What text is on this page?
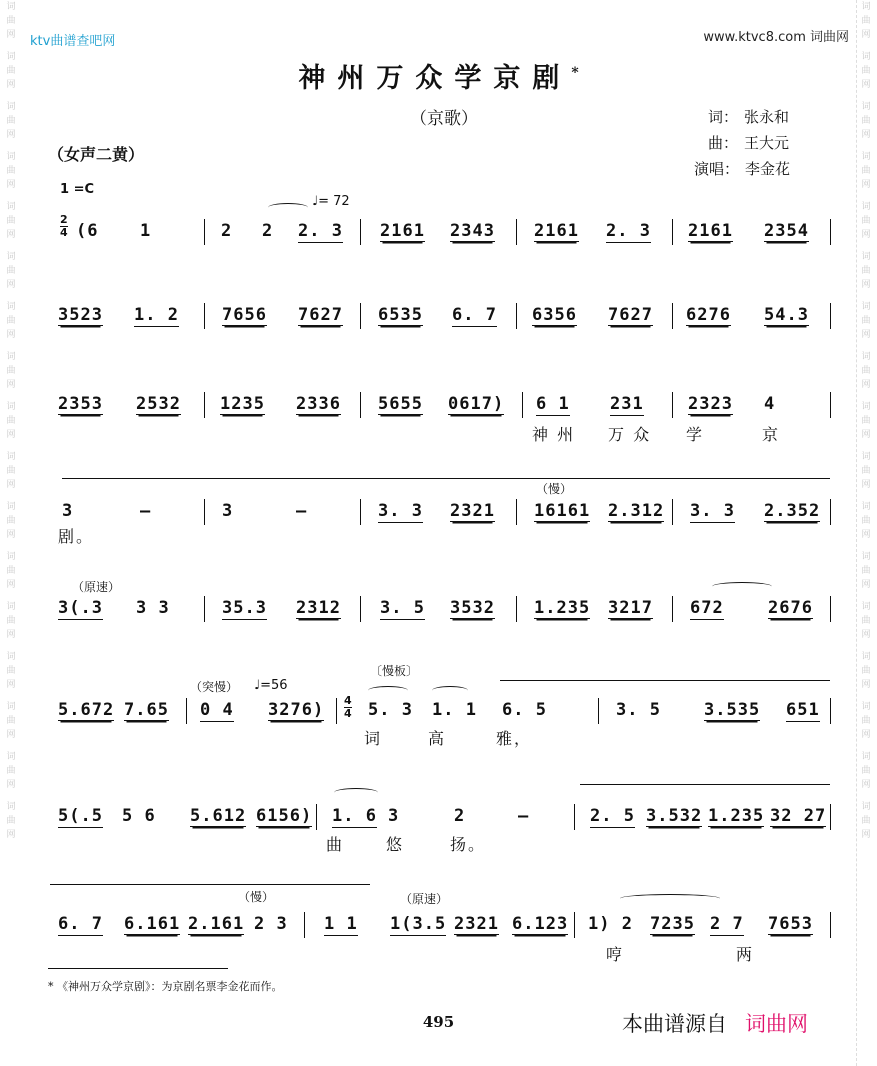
词
曲
网
词
曲
网
词
曲
网
词
曲
网
词
曲
网
词
曲
网
词
曲
网
词
曲
网
词
曲
网
词
曲
网
词
曲
网
词
曲
网
词
曲
网
词
曲
网
词
曲
网
词
曲
网
词
曲
网
词
曲
网
词
曲
网
词
曲
网
词
曲
网
词
曲
网
词
曲
网
词
曲
网
词
曲
网
词
曲
网
词
曲
网
词
曲
网
词
曲
网
词
曲
网
词
曲
网
词
曲
网
词
曲
网
词
曲
网
ktv曲谱查吧网	www.ktvc8.com 词曲网
神州万众学京剧*
（京歌）
（女声二黄）
词： 张永和
曲： 王大元
演唱： 李金花
1 =C
♩= 72
2
4 (6 1	2 2 2. 3 2161 2343 2161 2. 3 2161 2354
3523 1. 2	7656 7627 6535 6. 7 6356 7627 6276 54.3
2353 2532 1235 2336 5655 0617) 6 1 231	2323 4
神 州 万 众 学	京
（慢）
3	–	3	–	3. 3 2321 16161 2.312 3. 3 2.352
剧。
（原速）
3(.3 3 3	35.3 2312 3. 5 3532 1.235 3217 672	2676
〔慢板〕
（突慢） ♩=56
4
4
5.672 7.65 0 4 3276)	5. 3 1. 1 6. 5	3. 5	3.535 651
词	高	雅，
5(.5 5 6 5.612 6156) 1. 6 3	2	–	2. 5 3.532 1.235 32 27
曲	悠	扬。
（慢）	（原速）
6. 7 6.161 2.161 2 3 1 1 1(3.5 2321 6.123 1) 2 7235 2 7 7653
哼	两
* 《神州万众学京剧》：为京剧名票李金花而作。
495	本曲谱源自 词曲网
